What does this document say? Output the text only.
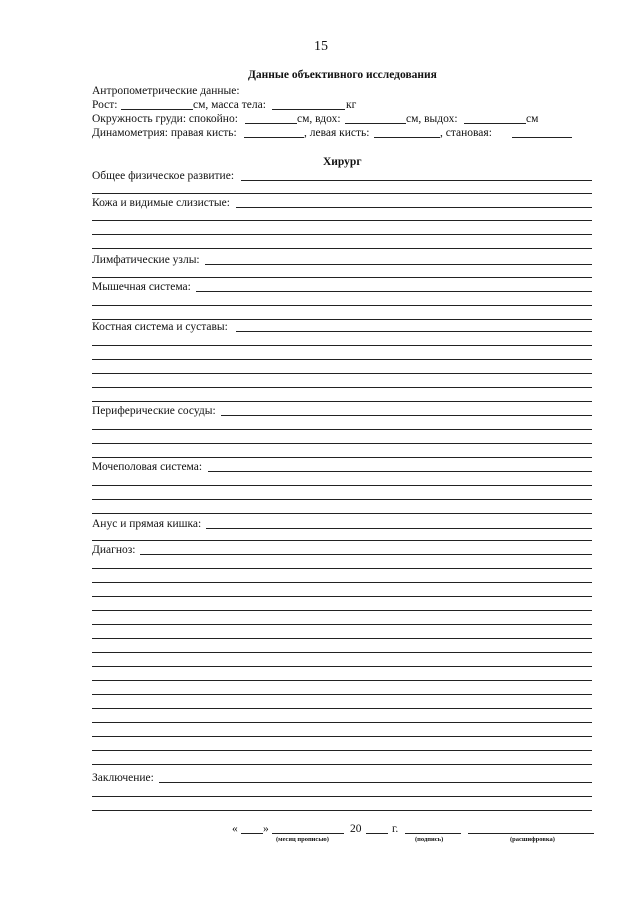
15
Данные объективного исследования
Антропометрические данные:
Рост:	см, масса тела:	кг
Окружность груди: спокойно:	см, вдох:	см, выдох:	см
Динамометрия: правая кисть:	, левая кисть:	, становая:
Хирург
Общее физическое развитие:
Кожа и видимые слизистые:
Лимфатические узлы:
Мышечная система:
Костная система и суставы:
Периферические сосуды:
Мочеполовая система:
Анус и прямая кишка:
Диагноз:
Заключение:
« »	20	г.
(месяц прописью)	(подпись)	(расшифровка)
